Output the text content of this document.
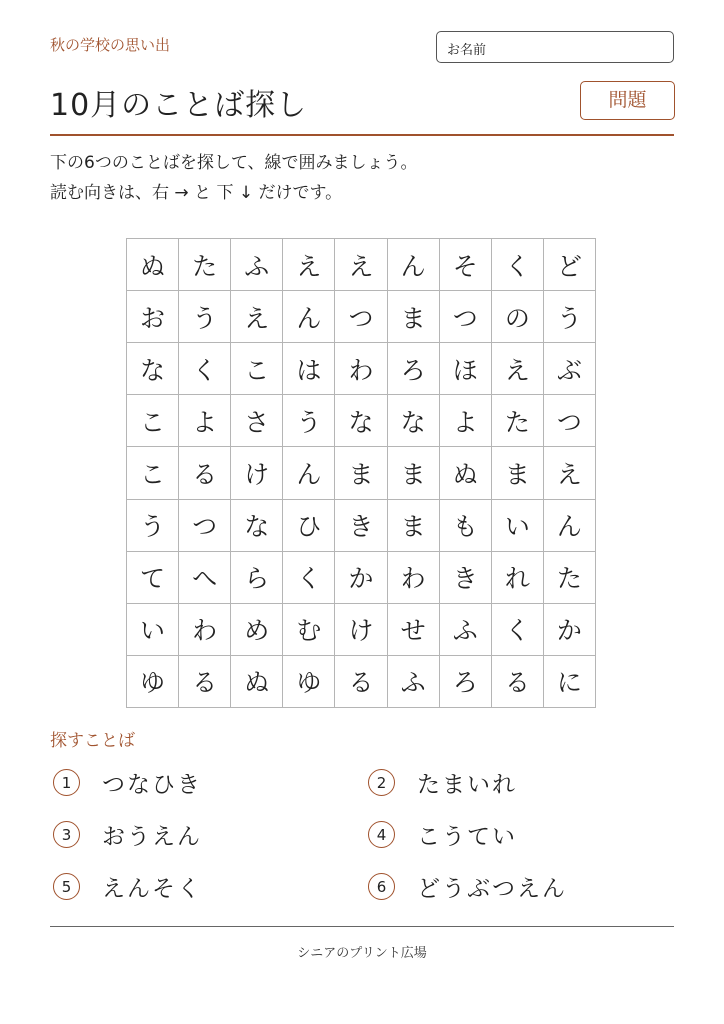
秋の学校の思い出	お名前
10月のことば探し	問題
下の6つのことばを探して、線で囲みましょう。
読む向きは、右 → と 下 ↓ だけです。
ぬ	た	ふ	え	え	ん	そ	く	ど
お	う	え	ん	つ	ま	つ	の	う
な	く	こ	は	わ	ろ	ほ	え	ぶ
こ	よ	さ	う	な	な	よ	た	つ
こ	る	け	ん	ま	ま	ぬ	ま	え
う	つ	な	ひ	き	ま	も	い	ん
て	へ	ら	く	か	わ	き	れ	た
い	わ	め	む	け	せ	ふ	く	か
ゆ	る	ぬ	ゆ	る	ふ	ろ	る	に
探すことば
1	つなひき	2	たまいれ
3	おうえん	4	こうてい
5	えんそく	6	どうぶつえん
シニアのプリント広場
